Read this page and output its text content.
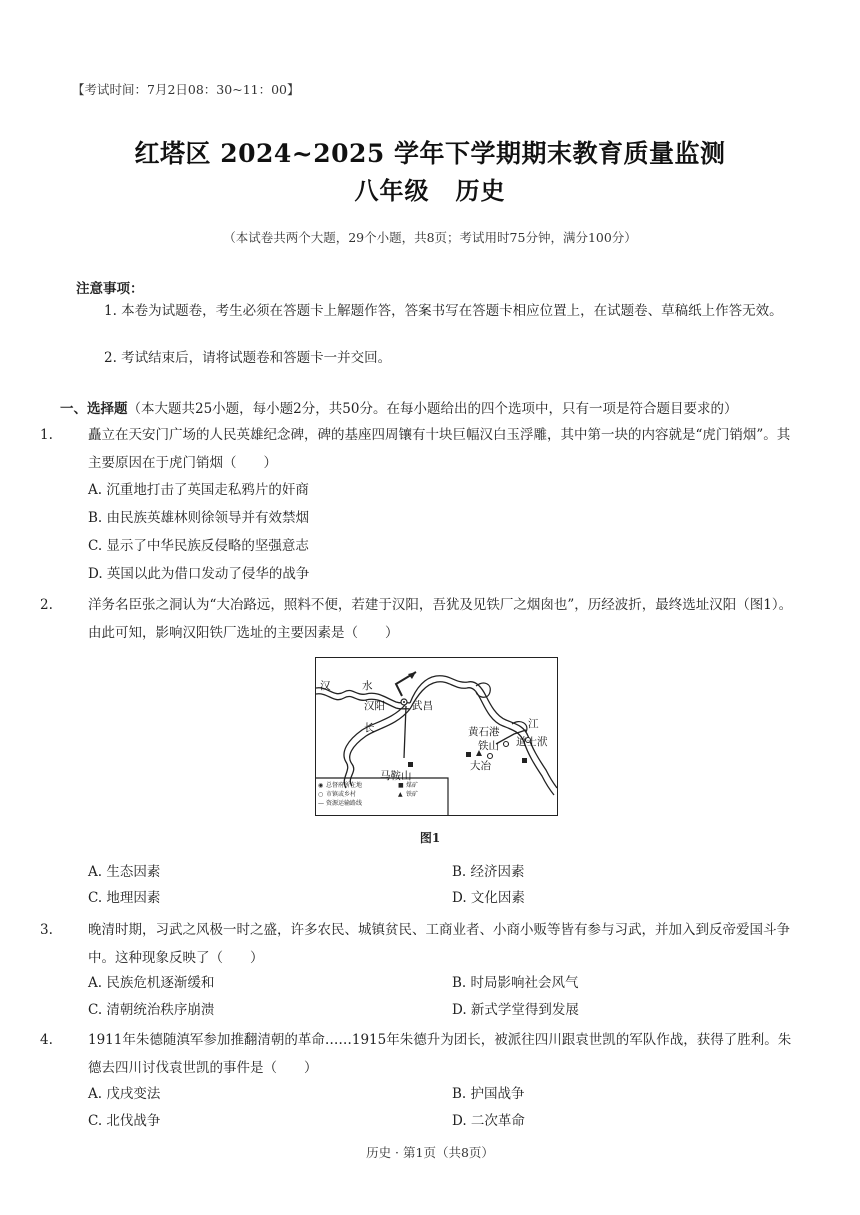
【考试时间：7月2日08：30~11：00】
红塔区 2024~2025 学年下学期期末教育质量监测
八年级 历史
（本试卷共两个大题，29个小题，共8页；考试用时75分钟，满分100分）
注意事项：
1. 本卷为试题卷，考生必须在答题卡上解题作答，答案书写在答题卡相应位置上，在试题卷、草稿纸上作答无效。
2. 考试结束后，请将试题卷和答题卡一并交回。
一、选择题（本大题共25小题，每小题2分，共50分。在每小题给出的四个选项中，只有一项是符合题目要求的）
1.	矗立在天安门广场的人民英雄纪念碑，碑的基座四周镶有十块巨幅汉白玉浮雕，其中第一块的内容就是“虎门销烟”。其主要原因在于虎门销烟（　　）
A. 沉重地打击了英国走私鸦片的奸商
B. 由民族英雄林则徐领导并有效禁烟
C. 显示了中华民族反侵略的坚强意志
D. 英国以此为借口发动了侵华的战争
2.	洋务名臣张之洞认为“大冶路远，照料不便，若建于汉阳，吾犹及见铁厂之烟囱也”，历经波折，最终选址汉阳（图1）。由此可知，影响汉阳铁厂选址的主要因素是（　　）
汉	水
汉阳	武昌
长	江
黄石港
铁山 道士洑
大冶
马鞍山
◉ 总督府所在地	■ 煤矿
○ 市镇或乡村	▲ 铁矿
— 资源运输路线
图1
A. 生态因素	B. 经济因素
C. 地理因素	D. 文化因素
3.	晚清时期，习武之风极一时之盛，许多农民、城镇贫民、工商业者、小商小贩等皆有参与习武，并加入到反帝爱国斗争中。这种现象反映了（　　）
A. 民族危机逐渐缓和	B. 时局影响社会风气
C. 清朝统治秩序崩溃	D. 新式学堂得到发展
4.	1911年朱德随滇军参加推翻清朝的革命……1915年朱德升为团长，被派往四川跟袁世凯的军队作战，获得了胜利。朱德去四川讨伐袁世凯的事件是（　　）
A. 戊戌变法	B. 护国战争
C. 北伐战争	D. 二次革命
历史 · 第1页（共8页）
